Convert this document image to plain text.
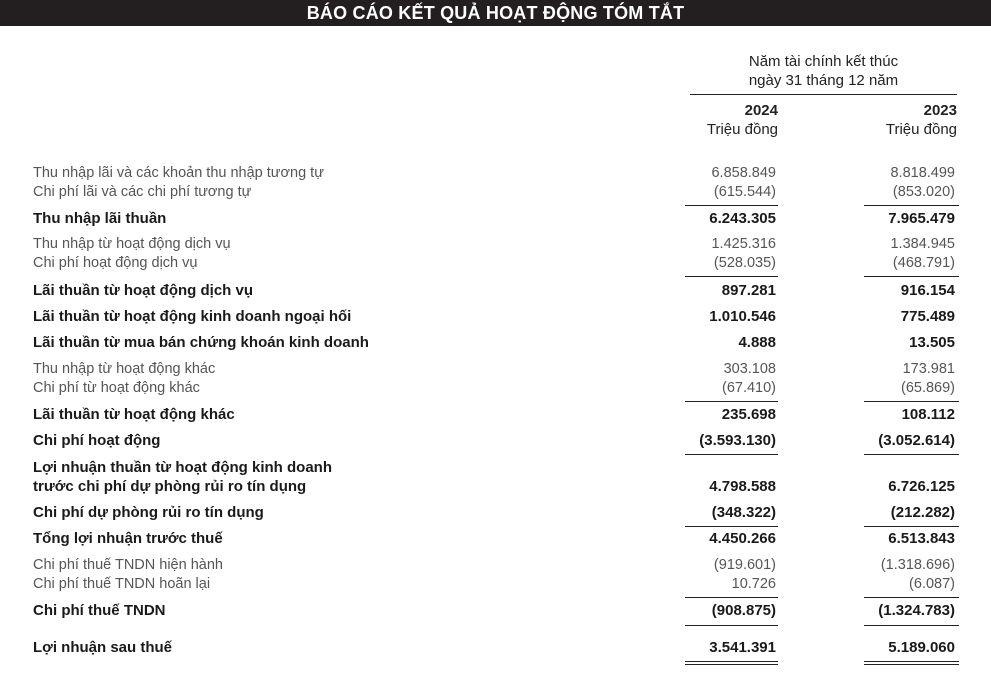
BÁO CÁO KẾT QUẢ HOẠT ĐỘNG TÓM TẮT
Năm tài chính kết thúc
ngày 31 tháng 12 năm
2024	2023
Triệu đồng	Triệu đồng
Thu nhập lãi và các khoản thu nhập tương tự	6.858.849	8.818.499
Chi phí lãi và các chi phí tương tự	(615.544)	(853.020)
Thu nhập lãi thuần	6.243.305	7.965.479
Thu nhập từ hoạt động dịch vụ	1.425.316	1.384.945
Chi phí hoạt động dịch vụ	(528.035)	(468.791)
Lãi thuần từ hoạt động dịch vụ	897.281	916.154
Lãi thuần từ hoạt động kinh doanh ngoại hối	1.010.546	775.489
Lãi thuần từ mua bán chứng khoán kinh doanh	4.888	13.505
Thu nhập từ hoạt động khác	303.108	173.981
Chi phí từ hoạt động khác	(67.410)	(65.869)
Lãi thuần từ hoạt động khác	235.698	108.112
Chi phí hoạt động	(3.593.130)	(3.052.614)
Lợi nhuận thuần từ hoạt động kinh doanh
trước chi phí dự phòng rủi ro tín dụng	4.798.588	6.726.125
Chi phí dự phòng rủi ro tín dụng	(348.322)	(212.282)
Tổng lợi nhuận trước thuế	4.450.266	6.513.843
Chi phí thuế TNDN hiện hành	(919.601)	(1.318.696)
Chi phí thuế TNDN hoãn lại	10.726	(6.087)
Chi phí thuế TNDN	(908.875)	(1.324.783)
Lợi nhuận sau thuế	3.541.391	5.189.060
